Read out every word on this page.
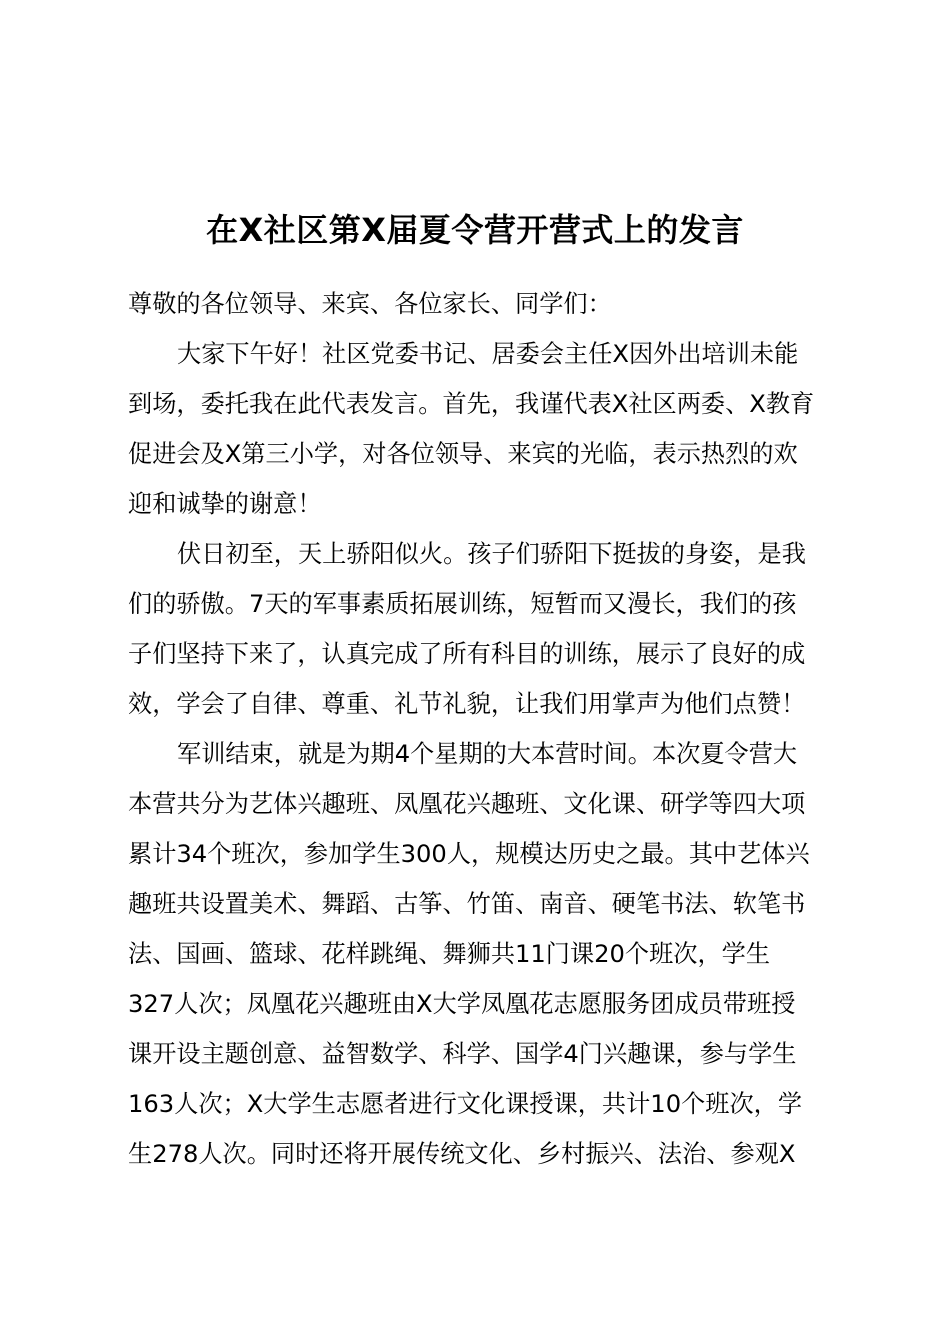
在X社区第X届夏令营开营式上的发言
尊敬的各位领导、来宾、各位家长、同学们：
大家下午好！社区党委书记、居委会主任X因外出培训未能
到场，委托我在此代表发言。首先，我谨代表X社区两委、X教育
促进会及X第三小学，对各位领导、来宾的光临，表示热烈的欢
迎和诚挚的谢意！
伏日初至，天上骄阳似火。孩子们骄阳下挺拔的身姿，是我
们的骄傲。7天的军事素质拓展训练，短暂而又漫长，我们的孩
子们坚持下来了，认真完成了所有科目的训练，展示了良好的成
效，学会了自律、尊重、礼节礼貌，让我们用掌声为他们点赞！
军训结束，就是为期4个星期的大本营时间。本次夏令营大
本营共分为艺体兴趣班、凤凰花兴趣班、文化课、研学等四大项
累计34个班次，参加学生300人，规模达历史之最。其中艺体兴
趣班共设置美术、舞蹈、古筝、竹笛、南音、硬笔书法、软笔书
法、国画、篮球、花样跳绳、舞狮共11门课20个班次，学生
327人次；凤凰花兴趣班由X大学凤凰花志愿服务团成员带班授
课开设主题创意、益智数学、科学、国学4门兴趣课，参与学生
163人次；X大学生志愿者进行文化课授课，共计10个班次，学
生278人次。同时还将开展传统文化、乡村振兴、法治、参观X
